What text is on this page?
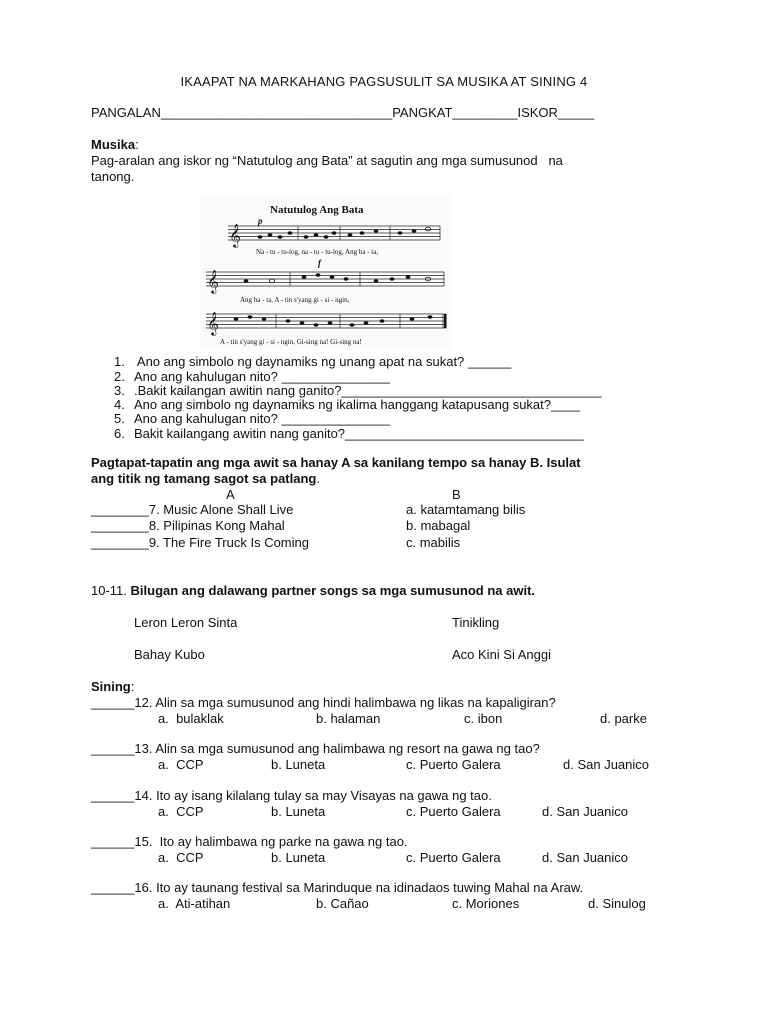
IKAAPAT NA MARKAHANG PAGSUSULIT SA MUSIKA AT SINING 4
PANGALAN________________________________PANGKAT_________ISKOR_____
Musika:
Pag-aralan ang iskor ng “Natutulog ang Bata” at sagutin ang mga sumusunod   na
tanong.
Natutulog Ang Bata
p
f
𝄞
Na - tu - tu-log, na - tu - tu-log, Ang ba - ta,
𝄞
Ang ba - ta, A - tin s'yang gi - si - ngin,
𝄞
A - tin s'yang gi - si - ngin, Gi-sing na! Gi-sing na!
1. Ano ang simbolo ng daynamiks ng unang apat na sukat? ______
2. Ano ang kahulugan nito? _______________
3. .Bakit kailangan awitin nang ganito?____________________________________
4. Ano ang simbolo ng daynamiks ng ikalima hanggang katapusang sukat?____
5. Ano ang kahulugan nito? _______________
6. Bakit kailangang awitin nang ganito?_________________________________
Pagtapat-tapatin ang mga awit sa hanay A sa kanilang tempo sa hanay B. Isulat
ang titik ng tamang sagot sa patlang.
A	B
________7. Music Alone Shall Live	a. katamtamang bilis
________8. Pilipinas Kong Mahal	b. mabagal
________9. The Fire Truck Is Coming	c. mabilis
10-11. Bilugan ang dalawang partner songs sa mga sumusunod na awit.
Leron Leron Sinta	Tinikling
Bahay Kubo	Aco Kini Si Anggi
Sining:
______12. Alin sa mga sumusunod ang hindi halimbawa ng likas na kapaligiran?
a.  bulaklak	b. halaman	c. ibon	d. parke
______13. Alin sa mga sumusunod ang halimbawa ng resort na gawa ng tao?
a.  CCP	b. Luneta	c. Puerto Galera	d. San Juanico
______14. Ito ay isang kilalang tulay sa may Visayas na gawa ng tao.
a.  CCP	b. Luneta	c. Puerto Galera	d. San Juanico
______15.  Ito ay halimbawa ng parke na gawa ng tao.
a.  CCP	b. Luneta	c. Puerto Galera	d. San Juanico
______16. Ito ay taunang festival sa Marinduque na idinadaos tuwing Mahal na Araw.
a.  Ati-atihan	b. Cañao	c. Moriones	d. Sinulog
